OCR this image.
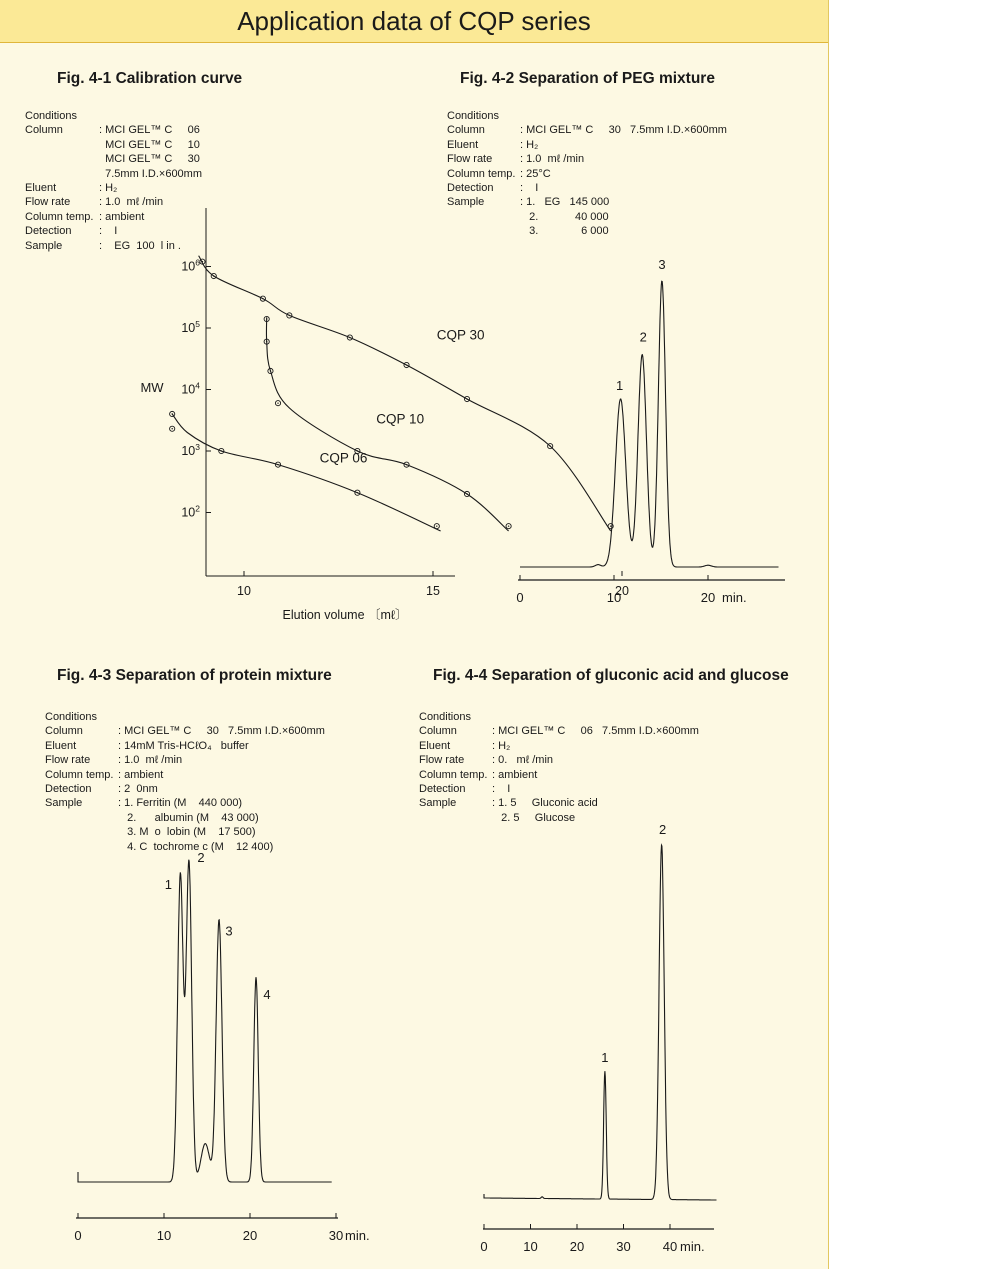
Application data of CQP series
Fig. 4-1 Calibration curve
Conditions
Column	: MCI GEL™ C     06
MCI GEL™ C     10
MCI GEL™ C     30
7.5mm I.D.×600mm
Eluent	: H₂
Flow rate	: 1.0  mℓ /min
Column temp. : ambient
Detection	:    I
Sample	:    EG  100  l in .
Fig. 4-2 Separation of PEG mixture
Conditions
Column	: MCI GEL™ C     30   7.5mm I.D.×600mm
Eluent	: H₂
Flow rate	: 1.0  mℓ /min
Column temp. : 25°C
Detection	:    I
Sample	: 1.   EG   145 000
2.            40 000
3.              6 000
Fig. 4-3 Separation of protein mixture
Conditions
Column	: MCI GEL™ C     30   7.5mm I.D.×600mm
Eluent	: 14mM Tris-HCℓO₄   buffer
Flow rate	: 1.0  mℓ /min
Column temp. : ambient
Detection	: 2  0nm
Sample	: 1. Ferritin (M    440 000)
2.      albumin (M    43 000)
3. M  o  lobin (M    17 500)
4. C  tochrome c (M    12 400)
Fig. 4-4 Separation of gluconic acid and glucose
Conditions
Column	: MCI GEL™ C     06   7.5mm I.D.×600mm
Eluent	: H₂
Flow rate	: 0.   mℓ /min
Column temp. : ambient
Detection	:    I
Sample	: 1. 5     Gluconic acid
2. 5     Glucose
10	15	20
$10^2$
$10^3$
$10^4$
$10^5$
$10^6$
MW
Elution volume 〔mℓ〕
CQP 30
CQP 10
CQP 06
0	10	20 min.
1
2
3
0	10	20	30 min.
1
2
3
4
0	10 20 30 40 min.
1
2
